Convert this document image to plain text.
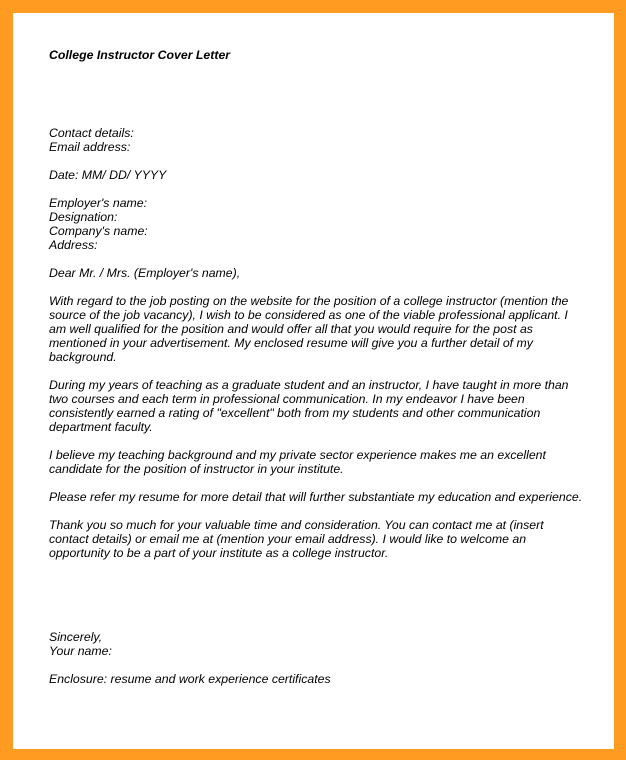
College Instructor Cover Letter

Contact details:
Email address:
Date: MM/ DD/ YYYY
Employer's name:
Designation:
Company's name:
Address:
Dear Mr. / Mrs. (Employer's name),
With regard to the job posting on the website for the position of a college instructor (mention the
source of the job vacancy), I wish to be considered as one of the viable professional applicant. I
am well qualified for the position and would offer all that you would require for the post as
mentioned in your advertisement. My enclosed resume will give you a further detail of my
background.
During my years of teaching as a graduate student and an instructor, I have taught in more than
two courses and each term in professional communication. In my endeavor I have been
consistently earned a rating of "excellent" both from my students and other communication
department faculty.
I believe my teaching background and my private sector experience makes me an excellent
candidate for the position of instructor in your institute.
Please refer my resume for more detail that will further substantiate my education and experience.
Thank you so much for your valuable time and consideration. You can contact me at (insert
contact details) or email me at (mention your email address). I would like to welcome an
opportunity to be a part of your institute as a college instructor.
Sincerely,
Your name:
Enclosure: resume and work experience certificates
